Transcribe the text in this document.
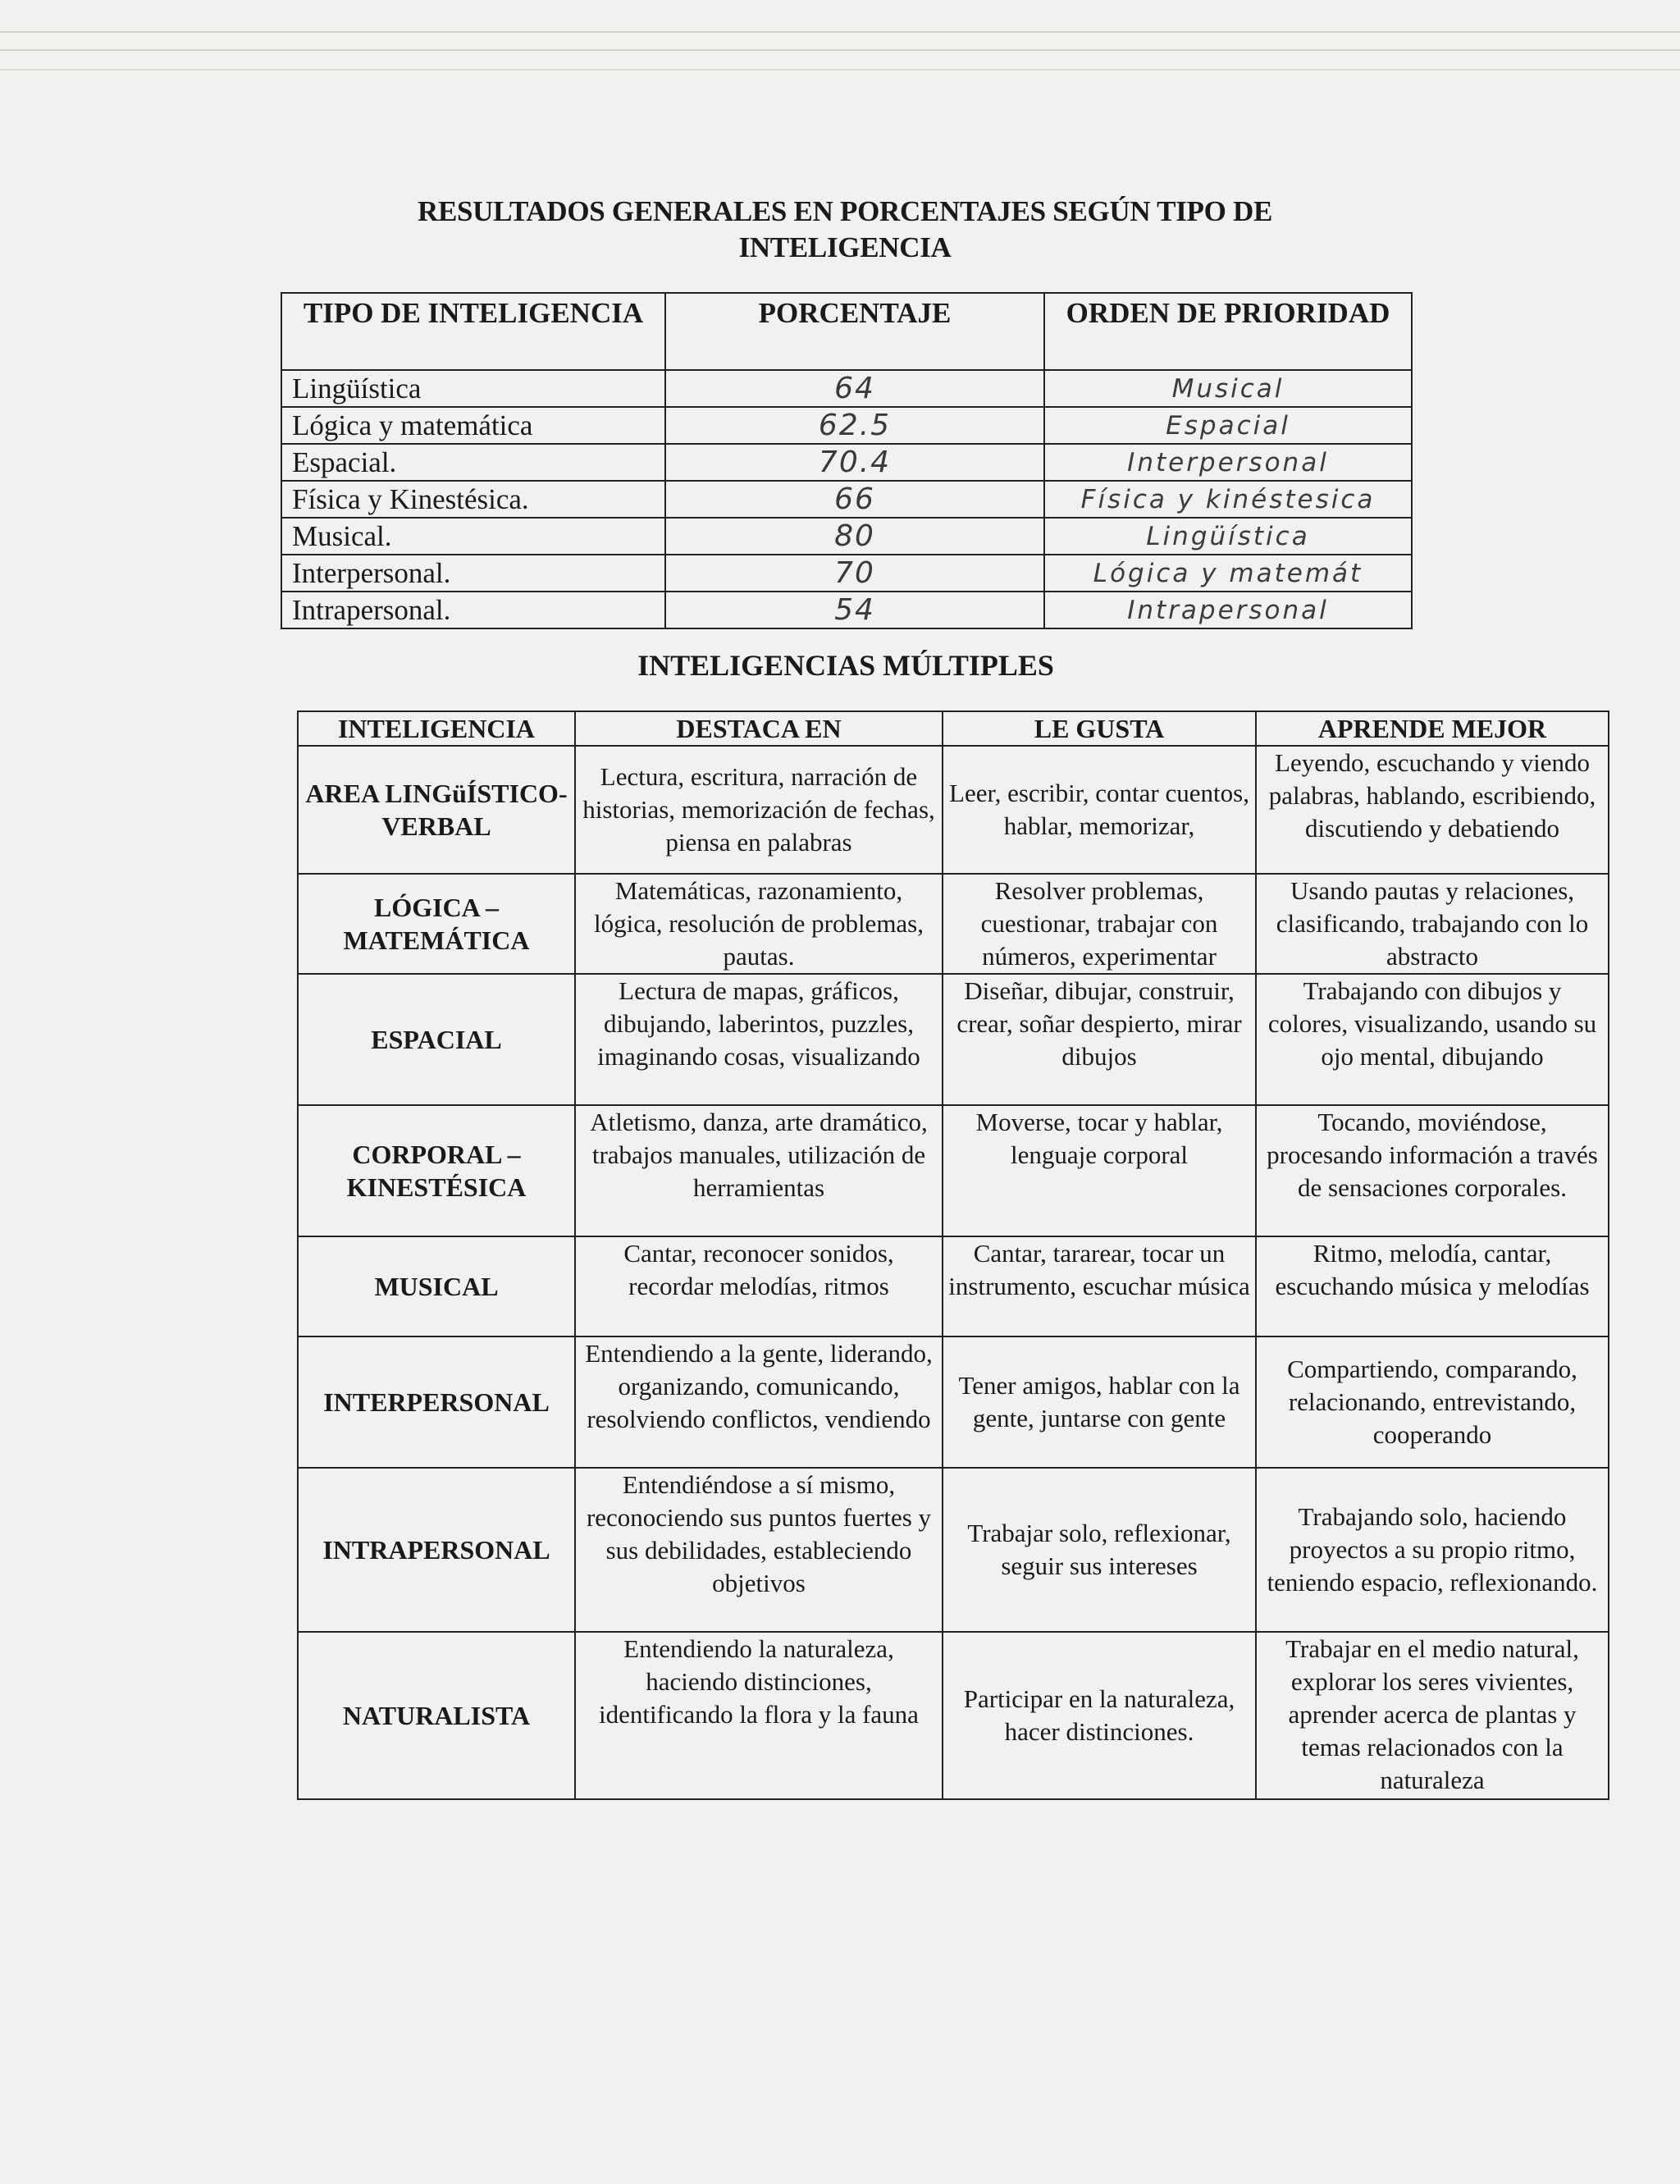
RESULTADOS GENERALES EN PORCENTAJES SEGÚN TIPO DE
INTELIGENCIA
TIPO DE INTELIGENCIA	PORCENTAJE	ORDEN DE PRIORIDAD
Lingüística	64	Musical
Lógica y matemática	62.5	Espacial
Espacial.	70.4	Interpersonal
Física y Kinestésica.	66	Física y kinéstesica
Musical.	80	Lingüística
Interpersonal.	70	Lógica y matemát
Intrapersonal.	54	Intrapersonal
INTELIGENCIAS MÚLTIPLES
INTELIGENCIA	DESTACA EN	LE GUSTA	APRENDE MEJOR
AREA LINGüÍSTICO-VERBAL	Lectura, escritura, narración de historias, memorización de fechas, piensa en palabras	Leer, escribir, contar cuentos, hablar, memorizar,	Leyendo, escuchando y viendo palabras, hablando, escribiendo, discutiendo y debatiendo
LÓGICA – MATEMÁTICA	Matemáticas, razonamiento, lógica, resolución de problemas, pautas.	Resolver problemas, cuestionar, trabajar con números, experimentar	Usando pautas y relaciones, clasificando, trabajando con lo abstracto
ESPACIAL	Lectura de mapas, gráficos, dibujando, laberintos, puzzles, imaginando cosas, visualizando	Diseñar, dibujar, construir, crear, soñar despierto, mirar dibujos	Trabajando con dibujos y colores, visualizando, usando su ojo mental, dibujando
CORPORAL – KINESTÉSICA	Atletismo, danza, arte dramático, trabajos manuales, utilización de herramientas	Moverse, tocar y hablar, lenguaje corporal	Tocando, moviéndose, procesando información a través de sensaciones corporales.
MUSICAL	Cantar, reconocer sonidos, recordar melodías, ritmos	Cantar, tararear, tocar un instrumento, escuchar música	Ritmo, melodía, cantar, escuchando música y melodías
INTERPERSONAL	Entendiendo a la gente, liderando, organizando, comunicando, resolviendo conflictos, vendiendo	Tener amigos, hablar con la gente, juntarse con gente	Compartiendo, comparando, relacionando, entrevistando, cooperando
INTRAPERSONAL	Entendiéndose a sí mismo, reconociendo sus puntos fuertes y sus debilidades, estableciendo objetivos	Trabajar solo, reflexionar, seguir sus intereses	Trabajando solo, haciendo proyectos a su propio ritmo, teniendo espacio, reflexionando.
NATURALISTA	Entendiendo la naturaleza, haciendo distinciones, identificando la flora y la fauna	Participar en la naturaleza, hacer distinciones.	Trabajar en el medio natural, explorar los seres vivientes, aprender acerca de plantas y temas relacionados con la naturaleza
